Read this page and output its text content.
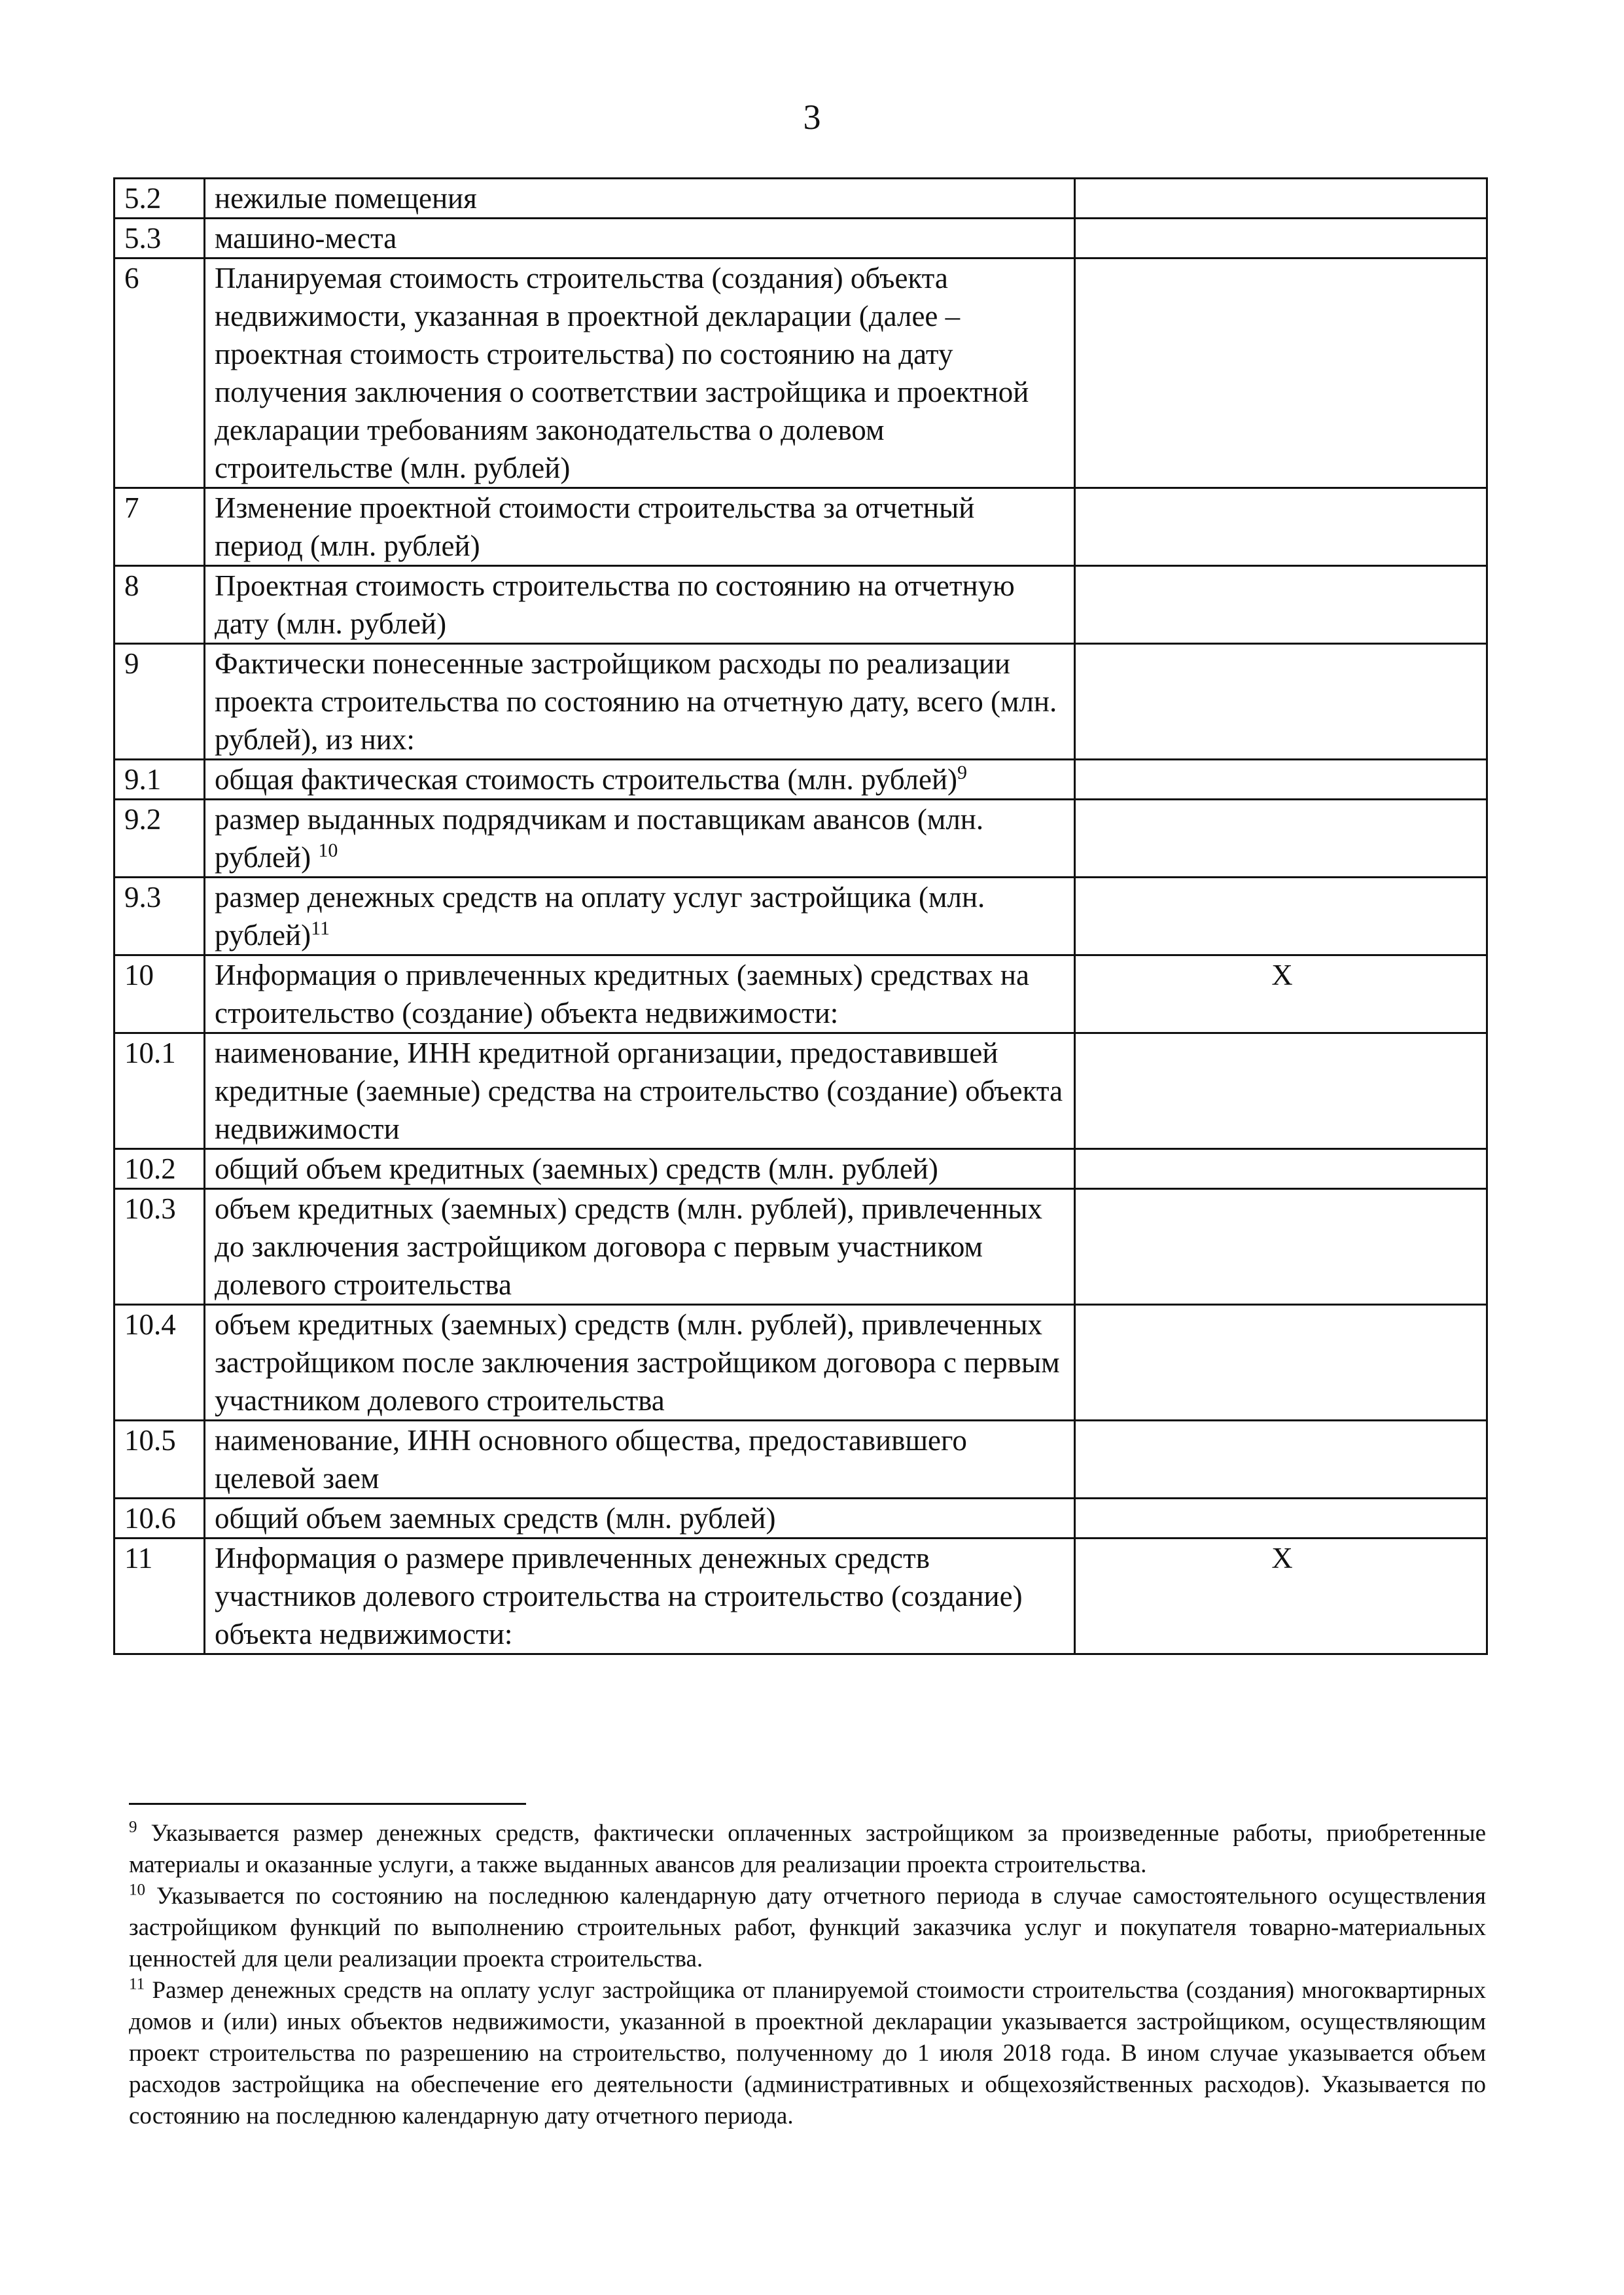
3
5.2	нежилые помещения	
5.3	машино-места	
6	Планируемая стоимость строительства (создания) объекта недвижимости, указанная в проектной декларации (далее – проектная стоимость строительства) по состоянию на дату получения заключения о соответствии застройщика и проектной декларации требованиям законодательства о долевом строительстве (млн. рублей)	
7	Изменение проектной стоимости строительства за отчетный период (млн. рублей)	
8	Проектная стоимость строительства по состоянию на отчетную дату (млн. рублей)	
9	Фактически понесенные застройщиком расходы по реализации проекта строительства по состоянию на отчетную дату, всего (млн. рублей), из них:	
9.1	общая фактическая стоимость строительства (млн. рублей)$^9$	
9.2	размер выданных подрядчикам и поставщикам авансов (млн. рублей) $^{10}$	
9.3	размер денежных средств на оплату услуг застройщика (млн. рублей)$^{11}$	
10	Информация о привлеченных кредитных (заемных) средствах на строительство (создание) объекта недвижимости:	Х
10.1	наименование, ИНН кредитной организации, предоставившей кредитные (заемные) средства на строительство (создание) объекта недвижимости	
10.2	общий объем кредитных (заемных) средств (млн. рублей)	
10.3	объем кредитных (заемных) средств (млн. рублей), привлеченных до заключения застройщиком договора с первым участником долевого строительства	
10.4	объем кредитных (заемных) средств (млн. рублей), привлеченных застройщиком после заключения застройщиком договора с первым участником долевого строительства	
10.5	наименование, ИНН основного общества, предоставившего целевой заем	
10.6	общий объем заемных средств (млн. рублей)	
11	Информация о размере привлеченных денежных средств участников долевого строительства на строительство (создание) объекта недвижимости:	Х

$^9$ Указывается размер денежных средств, фактически оплаченных застройщиком за произведенные работы, приобретенные материалы и оказанные услуги, а также выданных авансов для реализации проекта строительства.

$^{10}$ Указывается по состоянию на последнюю календарную дату отчетного периода в случае самостоятельного осуществления застройщиком функций по выполнению строительных работ, функций заказчика услуг и покупателя товарно-материальных ценностей для цели реализации проекта строительства.

$^{11}$ Размер денежных средств на оплату услуг застройщика от планируемой стоимости строительства (создания) многоквартирных домов и (или) иных объектов недвижимости, указанной в проектной декларации указывается застройщиком, осуществляющим проект строительства по разрешению на строительство, полученному до 1 июля 2018 года. В ином случае указывается объем расходов застройщика на обеспечение его деятельности (административных и общехозяйственных расходов). Указывается по состоянию на последнюю календарную дату отчетного периода.
